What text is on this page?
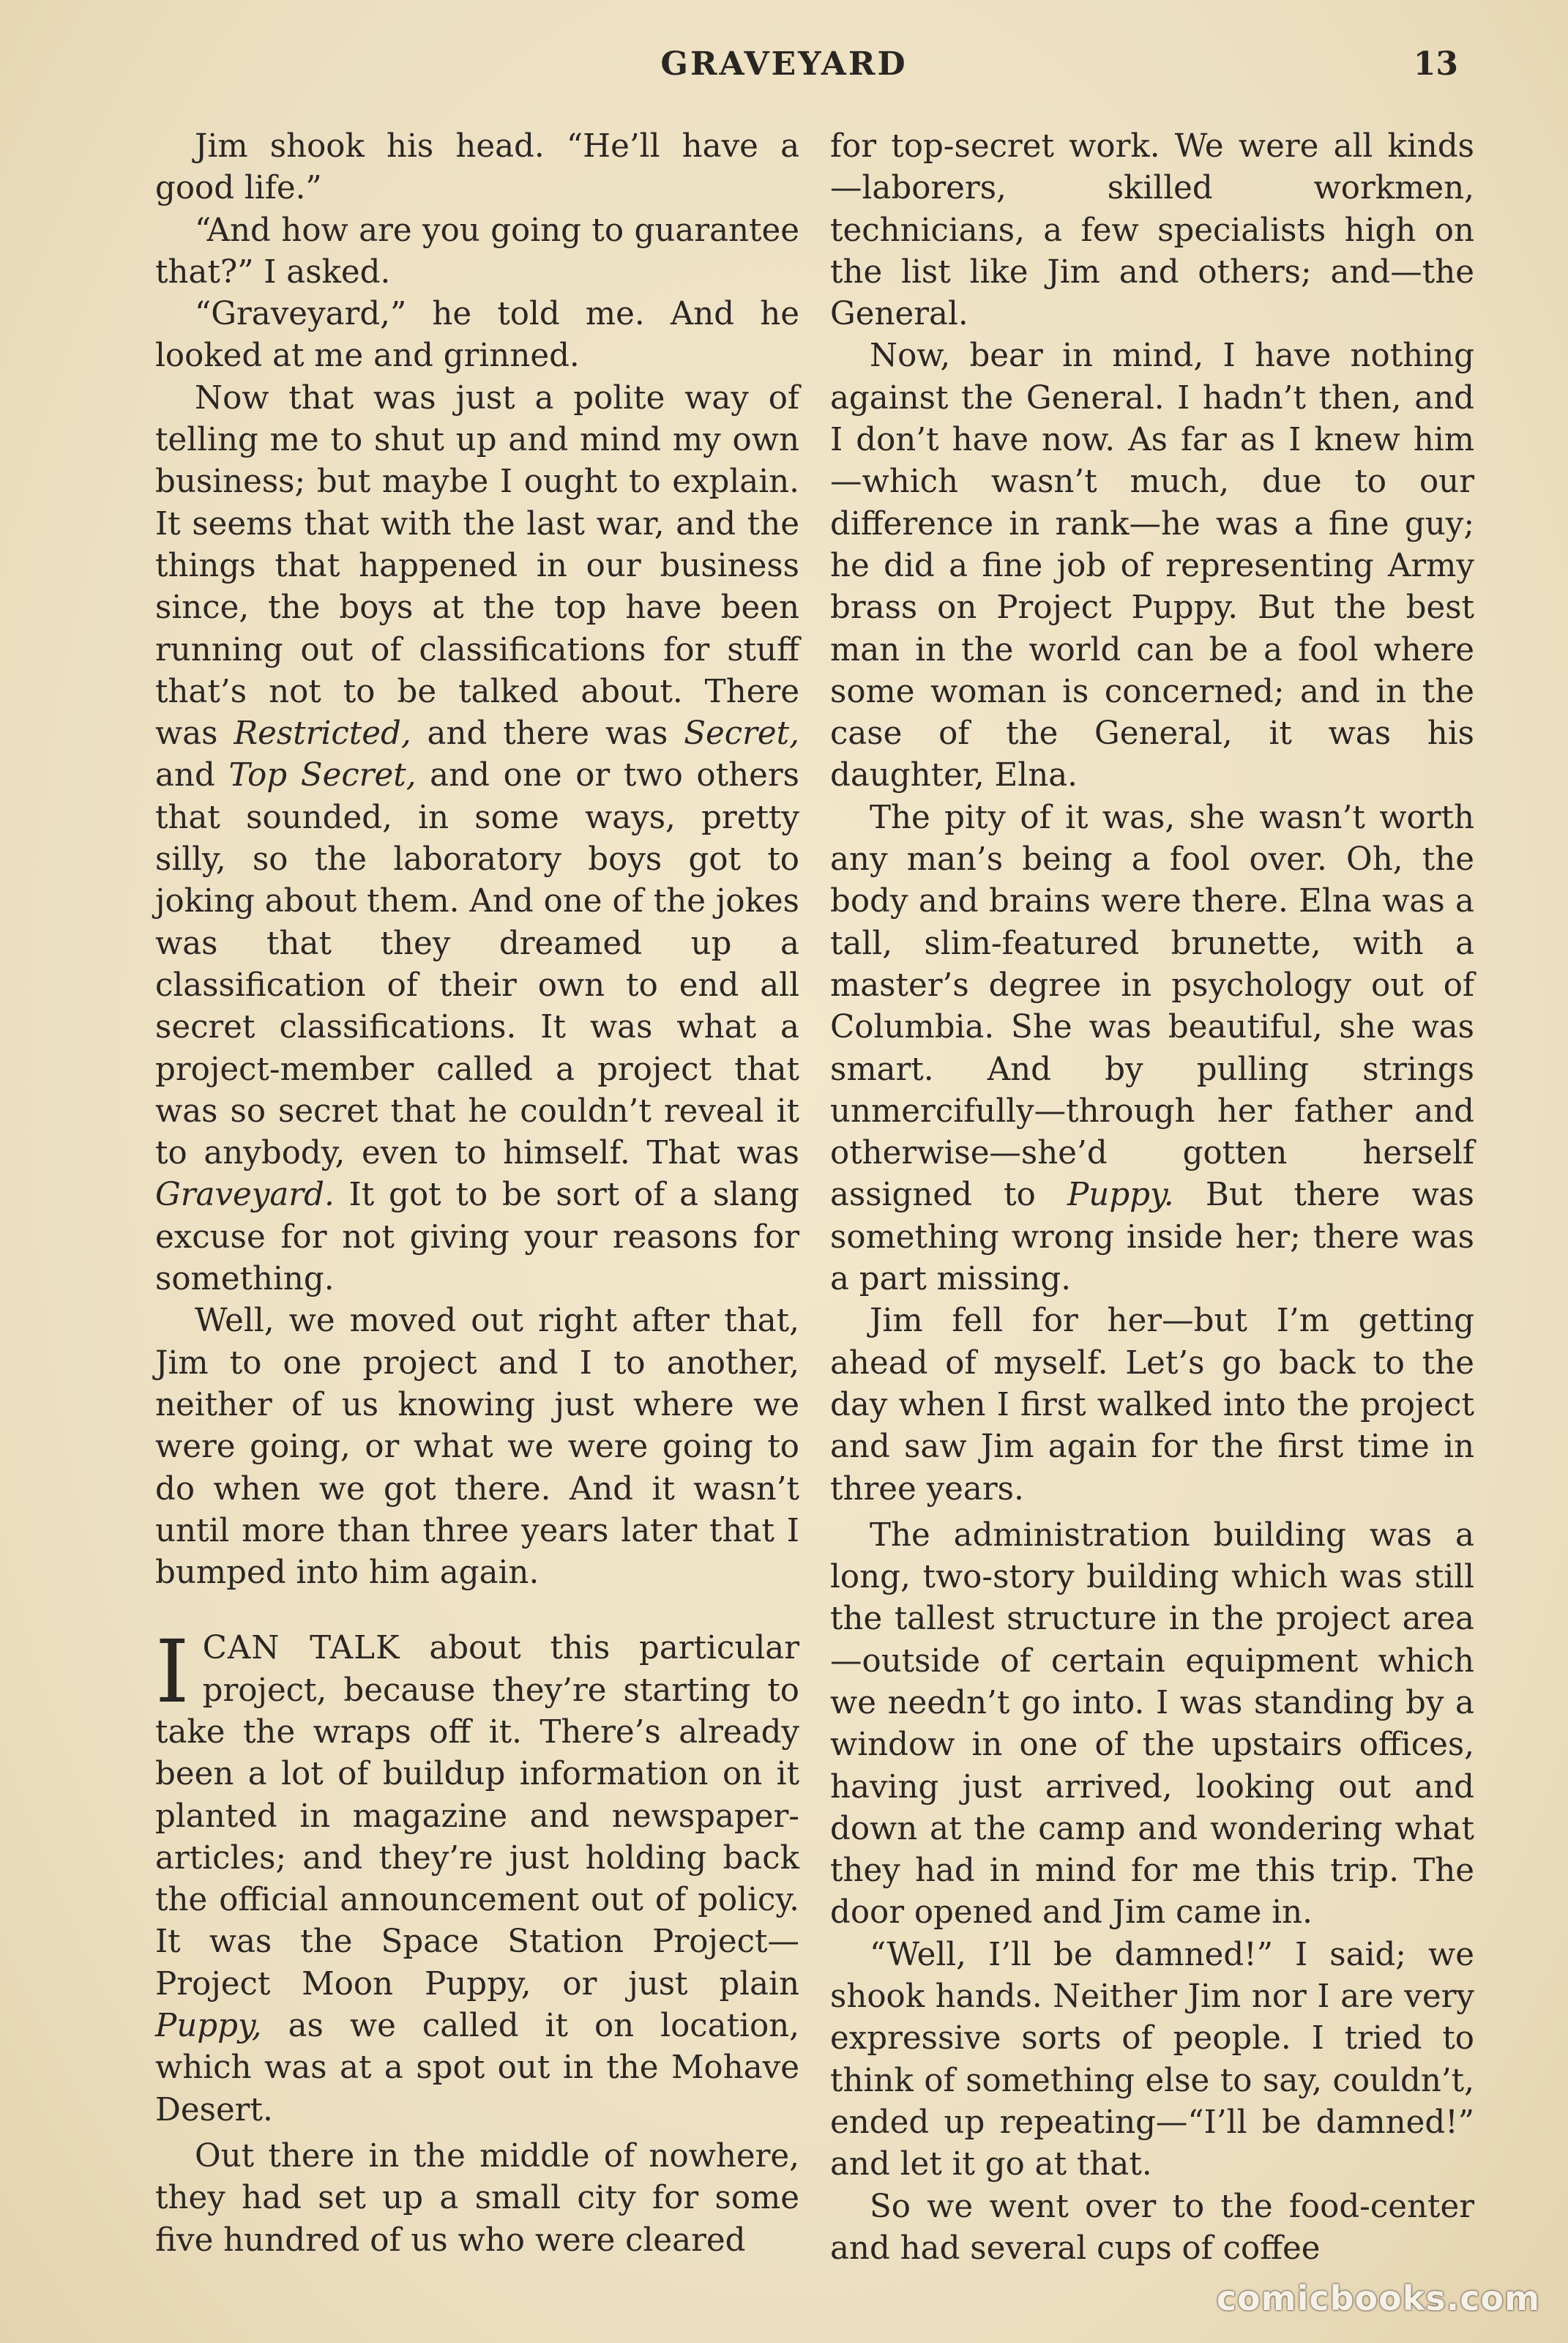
GRAVEYARD	13

Jim shook his head. “He’ll have a good life.”

“And how are you going to guarantee that?” I asked.

“Graveyard,” he told me. And he looked at me and grinned.

Now that was just a polite way of telling me to shut up and mind my own business; but maybe I ought to explain. It seems that with the last war, and the things that happened in our business since, the boys at the top have been running out of classifications for stuff that’s not to be talked about. There was Restricted, and there was Secret, and Top Secret, and one or two others that sounded, in some ways, pretty silly, so the laboratory boys got to joking about them. And one of the jokes was that they dreamed up a classification of their own to end all secret classifications. It was what a project-member called a project that was so secret that he couldn’t reveal it to anybody, even to himself. That was Graveyard. It got to be sort of a slang excuse for not giving your reasons for something.

Well, we moved out right after that, Jim to one project and I to another, neither of us knowing just where we were going, or what we were going to do when we got there. And it wasn’t until more than three years later that I bumped into him again.

ICAN TALK about this particular project, because they’re starting to take the wraps off it. There’s already been a lot of buildup information on it planted in magazine and newspaper-articles; and they’re just holding back the official announcement out of policy. It was the Space Station Project—Project Moon Puppy, or just plain Puppy, as we called it on location, which was at a spot out in the Mohave Desert.

Out there in the middle of nowhere, they had set up a small city for some five hundred of us who were cleared

for top-secret work. We were all kinds—laborers, skilled workmen, technicians, a few specialists high on the list like Jim and others; and—the General.

Now, bear in mind, I have nothing against the General. I hadn’t then, and I don’t have now. As far as I knew him—which wasn’t much, due to our difference in rank—he was a fine guy; he did a fine job of representing Army brass on Project Puppy. But the best man in the world can be a fool where some woman is concerned; and in the case of the General, it was his daughter, Elna.

The pity of it was, she wasn’t worth any man’s being a fool over. Oh, the body and brains were there. Elna was a tall, slim-featured brunette, with a master’s degree in psychology out of Columbia. She was beautiful, she was smart. And by pulling strings unmercifully—through her father and otherwise—she’d gotten herself assigned to Puppy. But there was something wrong inside her; there was a part missing.

Jim fell for her—but I’m getting ahead of myself. Let’s go back to the day when I first walked into the project and saw Jim again for the first time in three years.

The administration building was a long, two-story building which was still the tallest structure in the project area—outside of certain equipment which we needn’t go into. I was standing by a window in one of the upstairs offices, having just arrived, looking out and down at the camp and wondering what they had in mind for me this trip. The door opened and Jim came in.

“Well, I’ll be damned!” I said; we shook hands. Neither Jim nor I are very expressive sorts of people. I tried to think of something else to say, couldn’t, ended up repeating—“I’ll be damned!” and let it go at that.

So we went over to the food-center and had several cups of coffee

comicbooks.com
